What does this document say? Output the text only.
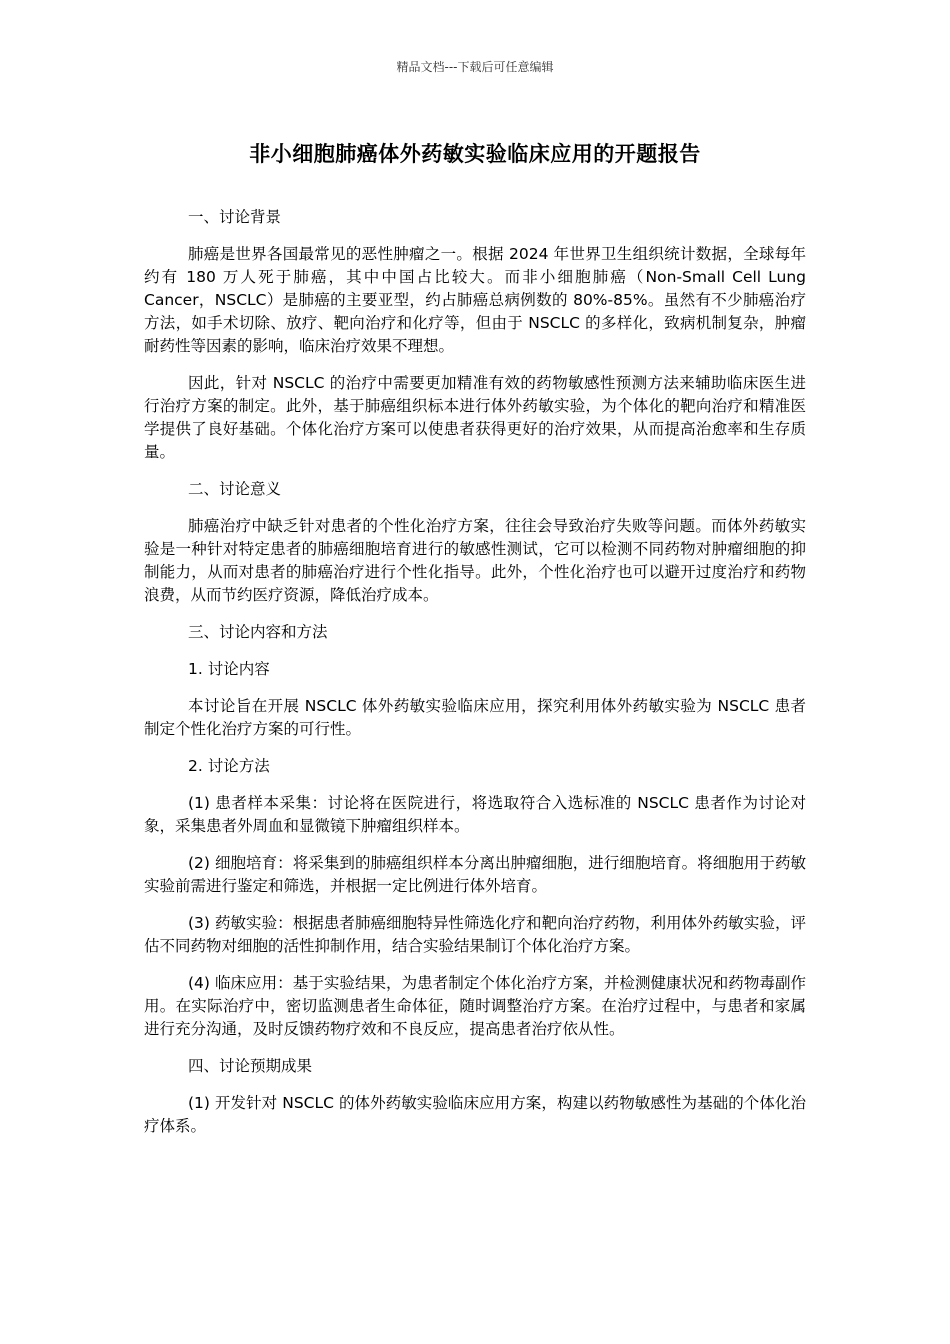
精品文档---下载后可任意编辑
非小细胞肺癌体外药敏实验临床应用的开题报告

一、讨论背景

肺癌是世界各国最常见的恶性肿瘤之一。根据 2024 年世界卫生组织统计数据，全球每年约有 180 万人死于肺癌，其中中国占比较大。而非小细胞肺癌（Non-Small Cell Lung Cancer，NSCLC）是肺癌的主要亚型，约占肺癌总病例数的 80%-85%。虽然有不少肺癌治疗方法，如手术切除、放疗、靶向治疗和化疗等，但由于 NSCLC 的多样化，致病机制复杂，肿瘤耐药性等因素的影响，临床治疗效果不理想。

因此，针对 NSCLC 的治疗中需要更加精准有效的药物敏感性预测方法来辅助临床医生进行治疗方案的制定。此外，基于肺癌组织标本进行体外药敏实验，为个体化的靶向治疗和精准医学提供了良好基础。个体化治疗方案可以使患者获得更好的治疗效果，从而提高治愈率和生存质量。

二、讨论意义

肺癌治疗中缺乏针对患者的个性化治疗方案，往往会导致治疗失败等问题。而体外药敏实验是一种针对特定患者的肺癌细胞培育进行的敏感性测试，它可以检测不同药物对肿瘤细胞的抑制能力，从而对患者的肺癌治疗进行个性化指导。此外，个性化治疗也可以避开过度治疗和药物浪费，从而节约医疗资源，降低治疗成本。

三、讨论内容和方法

1. 讨论内容

本讨论旨在开展 NSCLC 体外药敏实验临床应用，探究利用体外药敏实验为 NSCLC 患者制定个性化治疗方案的可行性。

2. 讨论方法

(1) 患者样本采集：讨论将在医院进行，将选取符合入选标准的 NSCLC 患者作为讨论对象，采集患者外周血和显微镜下肿瘤组织样本。

(2) 细胞培育：将采集到的肺癌组织样本分离出肿瘤细胞，进行细胞培育。将细胞用于药敏实验前需进行鉴定和筛选，并根据一定比例进行体外培育。

(3) 药敏实验：根据患者肺癌细胞特异性筛选化疗和靶向治疗药物，利用体外药敏实验，评估不同药物对细胞的活性抑制作用，结合实验结果制订个体化治疗方案。

(4) 临床应用：基于实验结果，为患者制定个体化治疗方案，并检测健康状况和药物毒副作用。在实际治疗中，密切监测患者生命体征，随时调整治疗方案。在治疗过程中，与患者和家属进行充分沟通，及时反馈药物疗效和不良反应，提高患者治疗依从性。

四、讨论预期成果

(1) 开发针对 NSCLC 的体外药敏实验临床应用方案，构建以药物敏感性为基础的个体化治疗体系。
